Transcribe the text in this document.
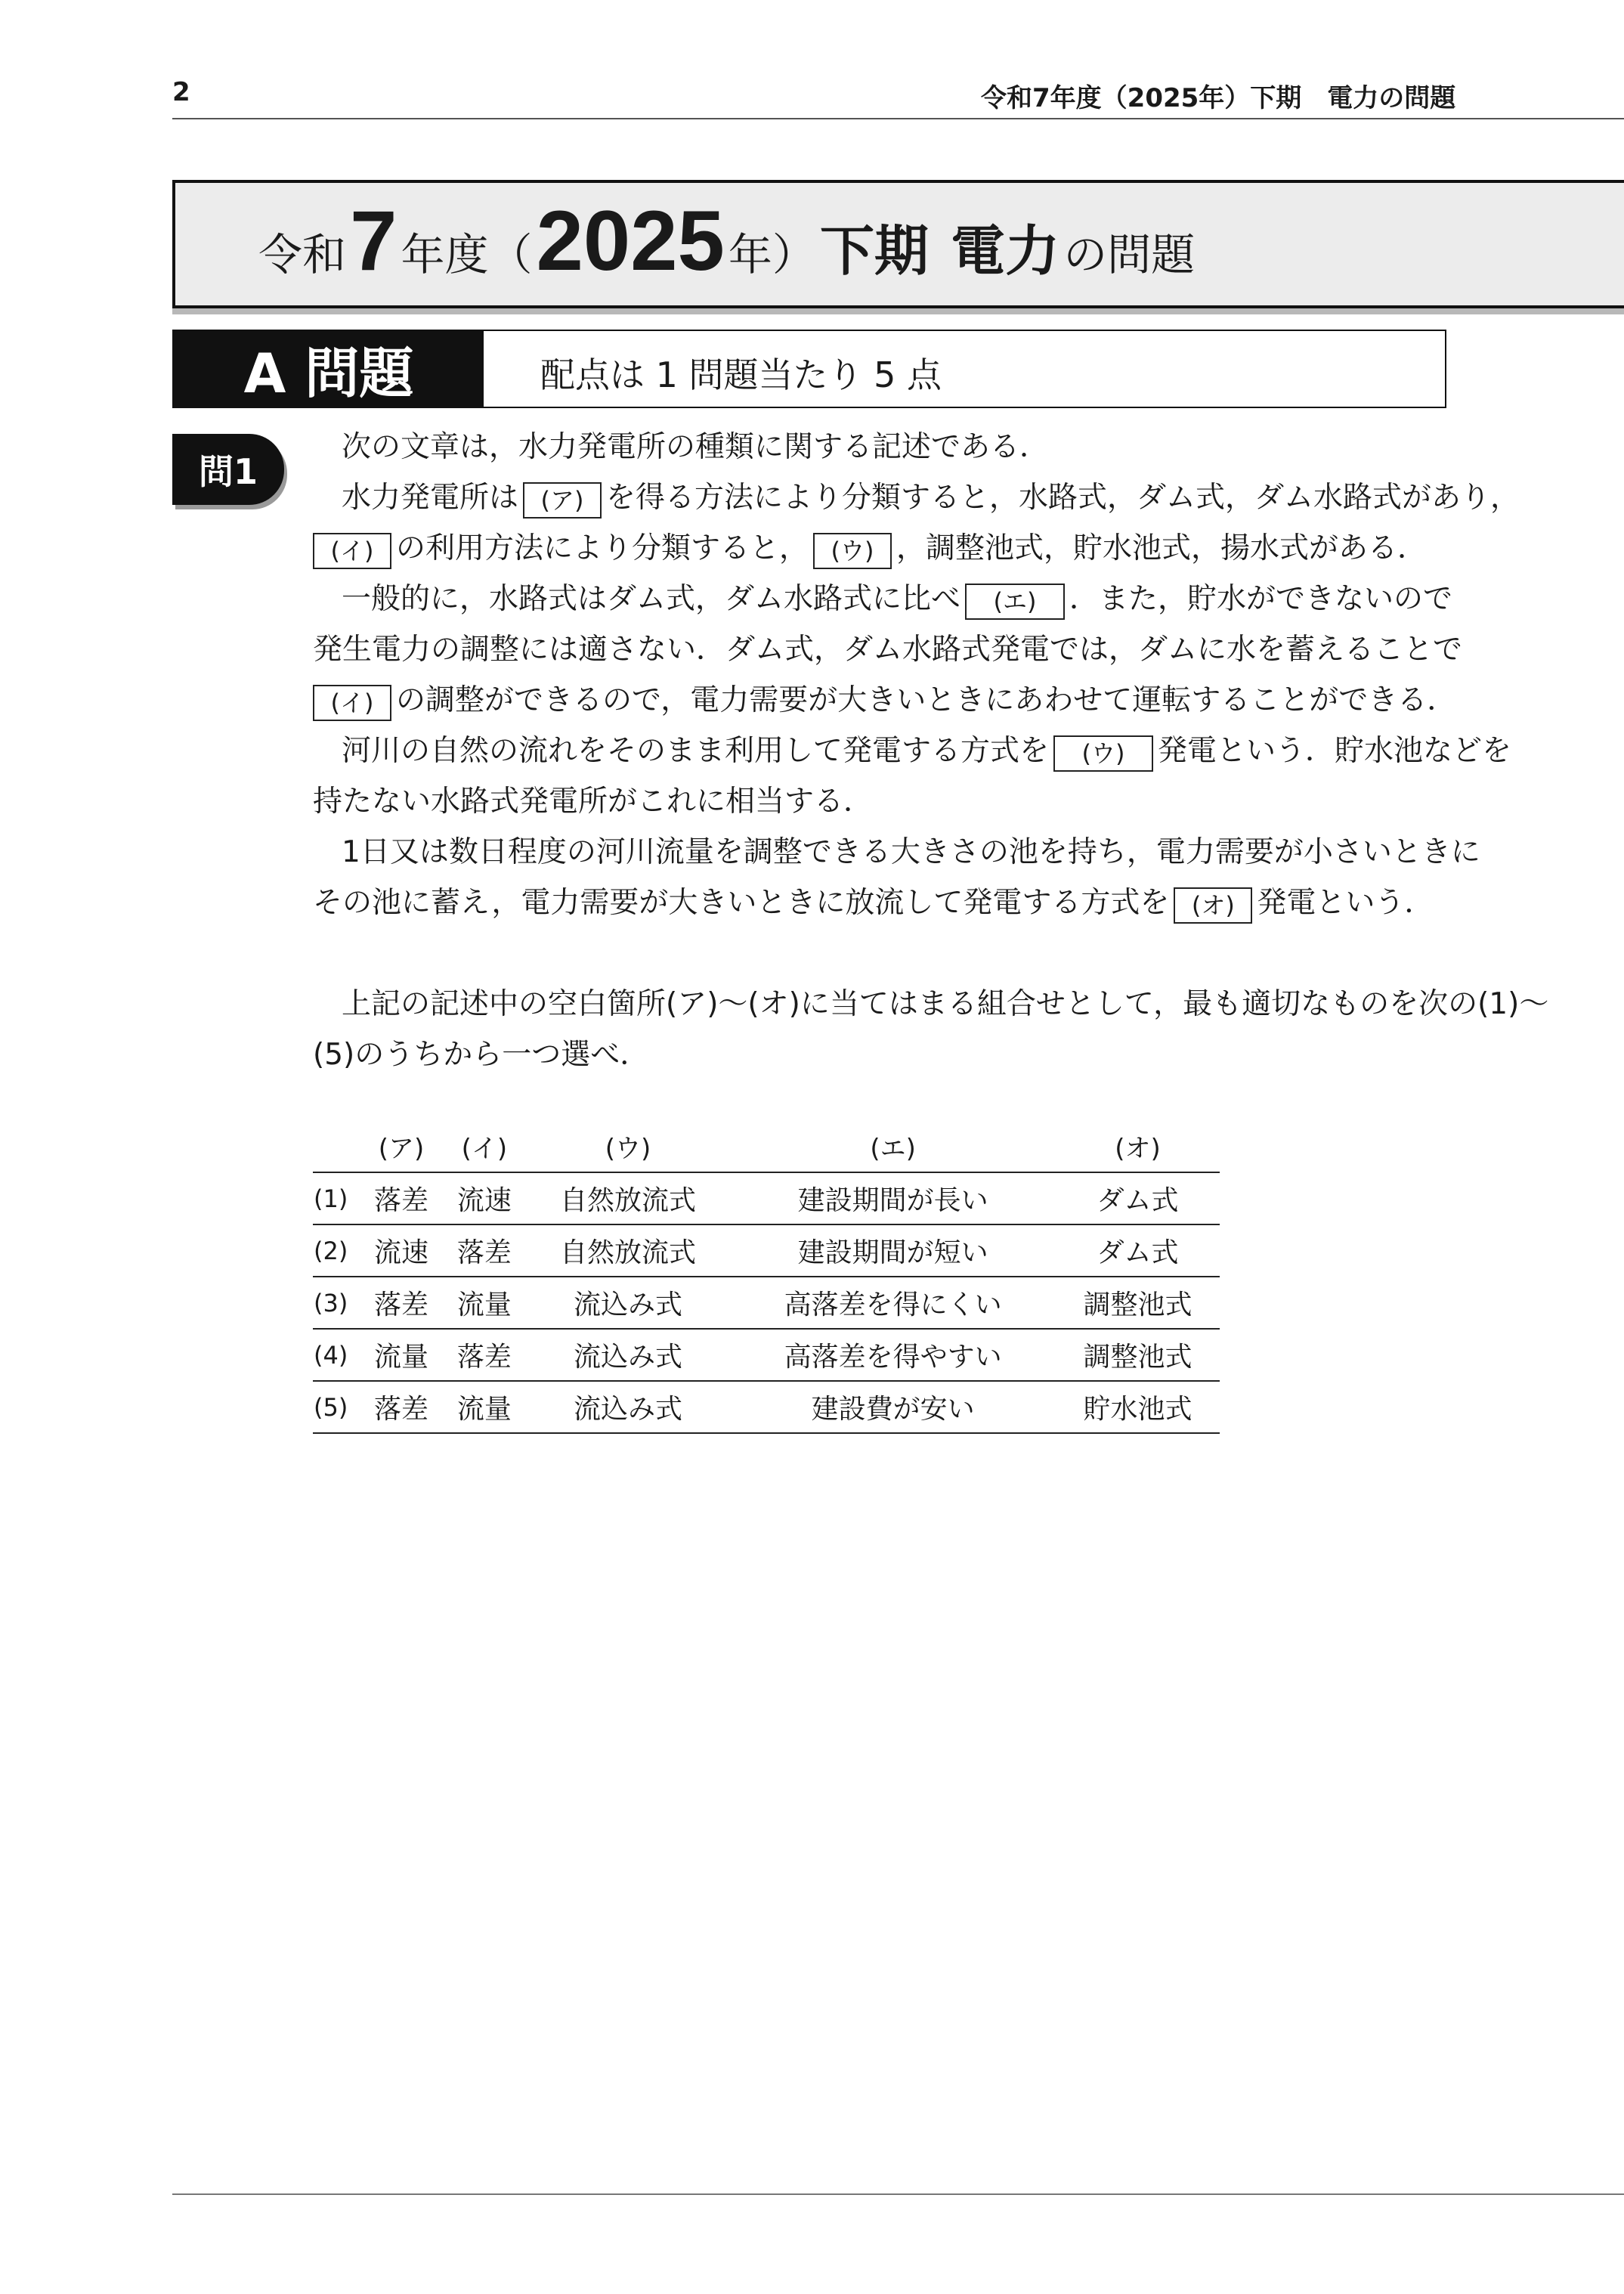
2	令和7年度（2025年）下期　電力の問題
令和 7 年度（ 2025 年） 下期 電力 の問題
A 問題	配点は 1 問題当たり 5 点
問1
次の文章は，水力発電所の種類に関する記述である．
水力発電所は (ア) を得る方法により分類すると，水路式，ダム式，ダム水路式があり，
(イ) の利用方法により分類すると， (ウ) ，調整池式，貯水池式，揚水式がある．
一般的に，水路式はダム式，ダム水路式に比べ (エ) ．また，貯水ができないので
発生電力の調整には適さない．ダム式，ダム水路式発電では，ダムに水を蓄えることで
(イ) の調整ができるので，電力需要が大きいときにあわせて運転することができる．
河川の自然の流れをそのまま利用して発電する方式を (ウ) 発電という．貯水池などを
持たない水路式発電所がこれに相当する．
1日又は数日程度の河川流量を調整できる大きさの池を持ち，電力需要が小さいときに
その池に蓄え，電力需要が大きいときに放流して発電する方式を (オ) 発電という．
上記の記述中の空白箇所(ア)〜(オ)に当てはまる組合せとして，最も適切なものを次の(1)〜
(5)のうちから一つ選べ．
	(ア)	(イ)	(ウ)	(エ)	(オ)
(1)	落差	流速	自然放流式	建設期間が長い	ダム式
(2)	流速	落差	自然放流式	建設期間が短い	ダム式
(3)	落差	流量	流込み式	高落差を得にくい	調整池式
(4)	流量	落差	流込み式	高落差を得やすい	調整池式
(5)	落差	流量	流込み式	建設費が安い	貯水池式
